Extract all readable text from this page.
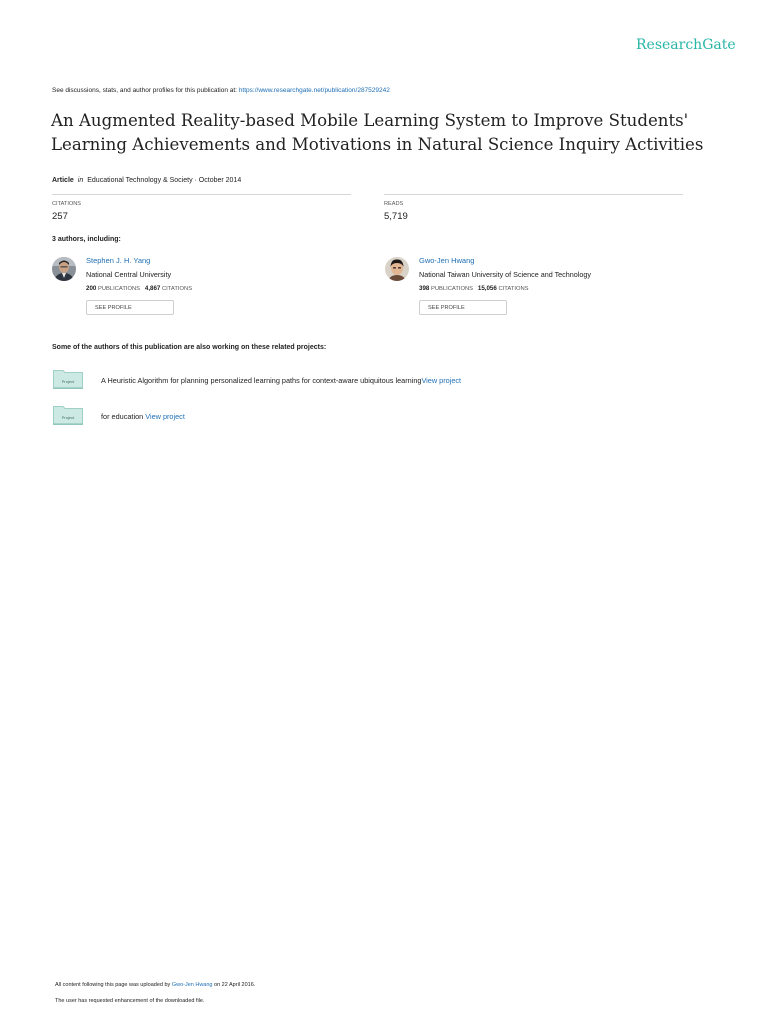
ResearchGate
See discussions, stats, and author profiles for this publication at: https://www.researchgate.net/publication/287529242
An Augmented Reality-based Mobile Learning System to Improve Students'
Learning Achievements and Motivations in Natural Science Inquiry Activities
Article in Educational Technology & Society · October 2014
CITATIONS
257
READS
5,719
3 authors, including:
Stephen J. H. Yang
National Central University
200 PUBLICATIONS 4,867 CITATIONS
SEE PROFILE
Gwo-Jen Hwang
National Taiwan University of Science and Technology
398 PUBLICATIONS 15,056 CITATIONS
SEE PROFILE
Some of the authors of this publication are also working on these related projects:
Project	A Heuristic Algorithm for planning personalized learning paths for context-aware ubiquitous learningView project
Project	for education View project
All content following this page was uploaded by Gwo-Jen Hwang on 22 April 2016.
The user has requested enhancement of the downloaded file.
